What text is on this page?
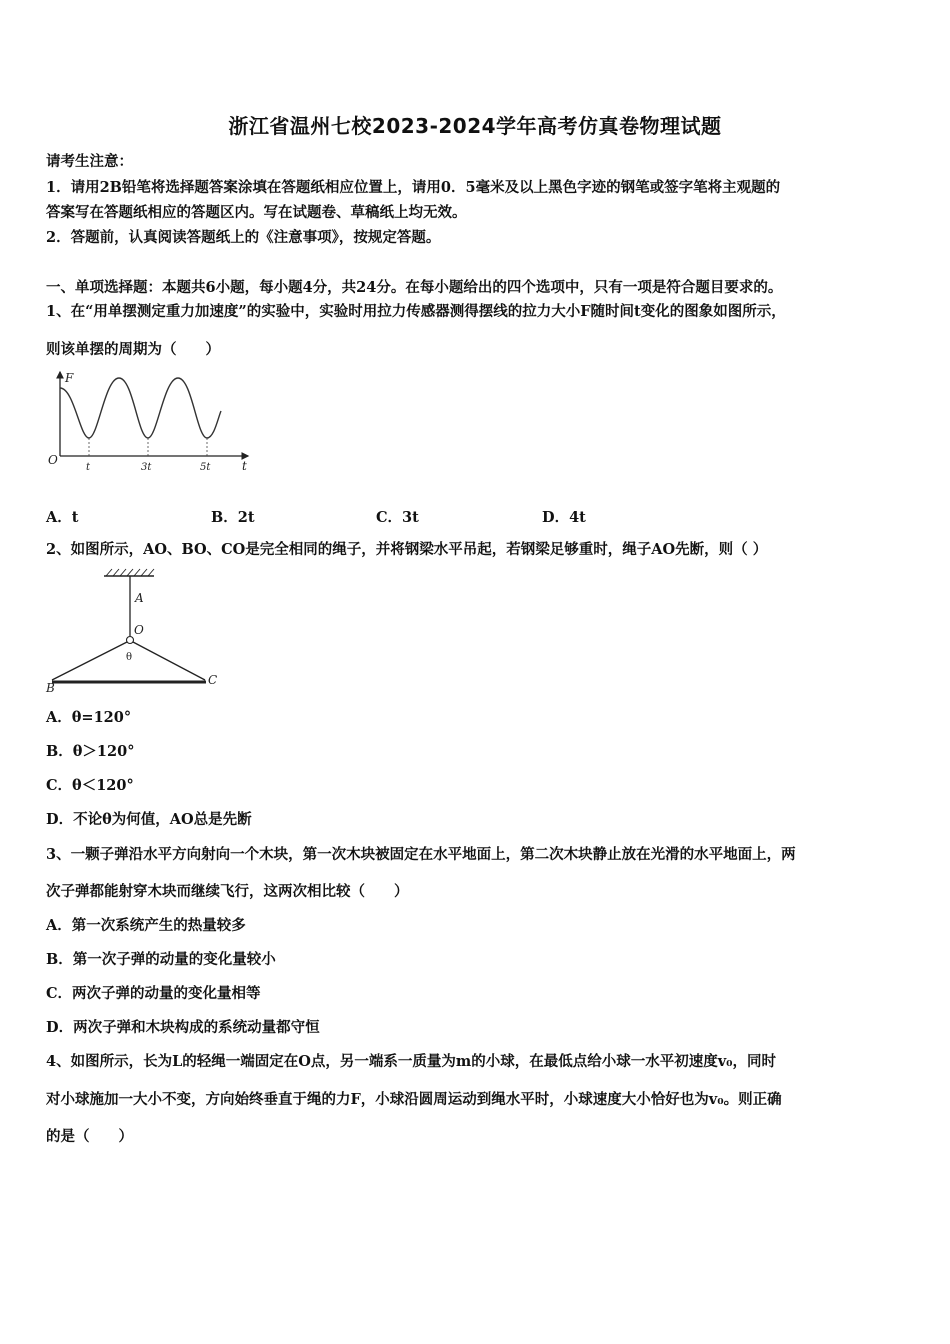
浙江省温州七校2023-2024学年高考仿真卷物理试题
请考生注意：
1．请用2B铅笔将选择题答案涂填在答题纸相应位置上，请用0．5毫米及以上黑色字迹的钢笔或签字笔将主观题的
答案写在答题纸相应的答题区内。写在试题卷、草稿纸上均无效。
2．答题前，认真阅读答题纸上的《注意事项》，按规定答题。
一、单项选择题：本题共6小题，每小题4分，共24分。在每小题给出的四个选项中，只有一项是符合题目要求的。
1、在“用单摆测定重力加速度”的实验中，实验时用拉力传感器测得摆线的拉力大小F随时间t变化的图象如图所示，
则该单摆的周期为（　　）
F
O	t
t	3t	5t
A．t	B．2t	C．3t	D．4t
2、如图所示，AO、BO、CO是完全相同的绳子，并将钢梁水平吊起，若钢梁足够重时，绳子AO先断，则（ ）
A
O
θ
B
C
A．θ=120°
B．θ＞120°
C．θ＜120°
D．不论θ为何值，AO总是先断
3、一颗子弹沿水平方向射向一个木块，第一次木块被固定在水平地面上，第二次木块静止放在光滑的水平地面上，两
次子弹都能射穿木块而继续飞行，这两次相比较（　　）
A．第一次系统产生的热量较多
B．第一次子弹的动量的变化量较小
C．两次子弹的动量的变化量相等
D．两次子弹和木块构成的系统动量都守恒
4、如图所示，长为L的轻绳一端固定在O点，另一端系一质量为m的小球，在最低点给小球一水平初速度v₀，同时
对小球施加一大小不变，方向始终垂直于绳的力F，小球沿圆周运动到绳水平时，小球速度大小恰好也为v₀。则正确
的是（　　）
